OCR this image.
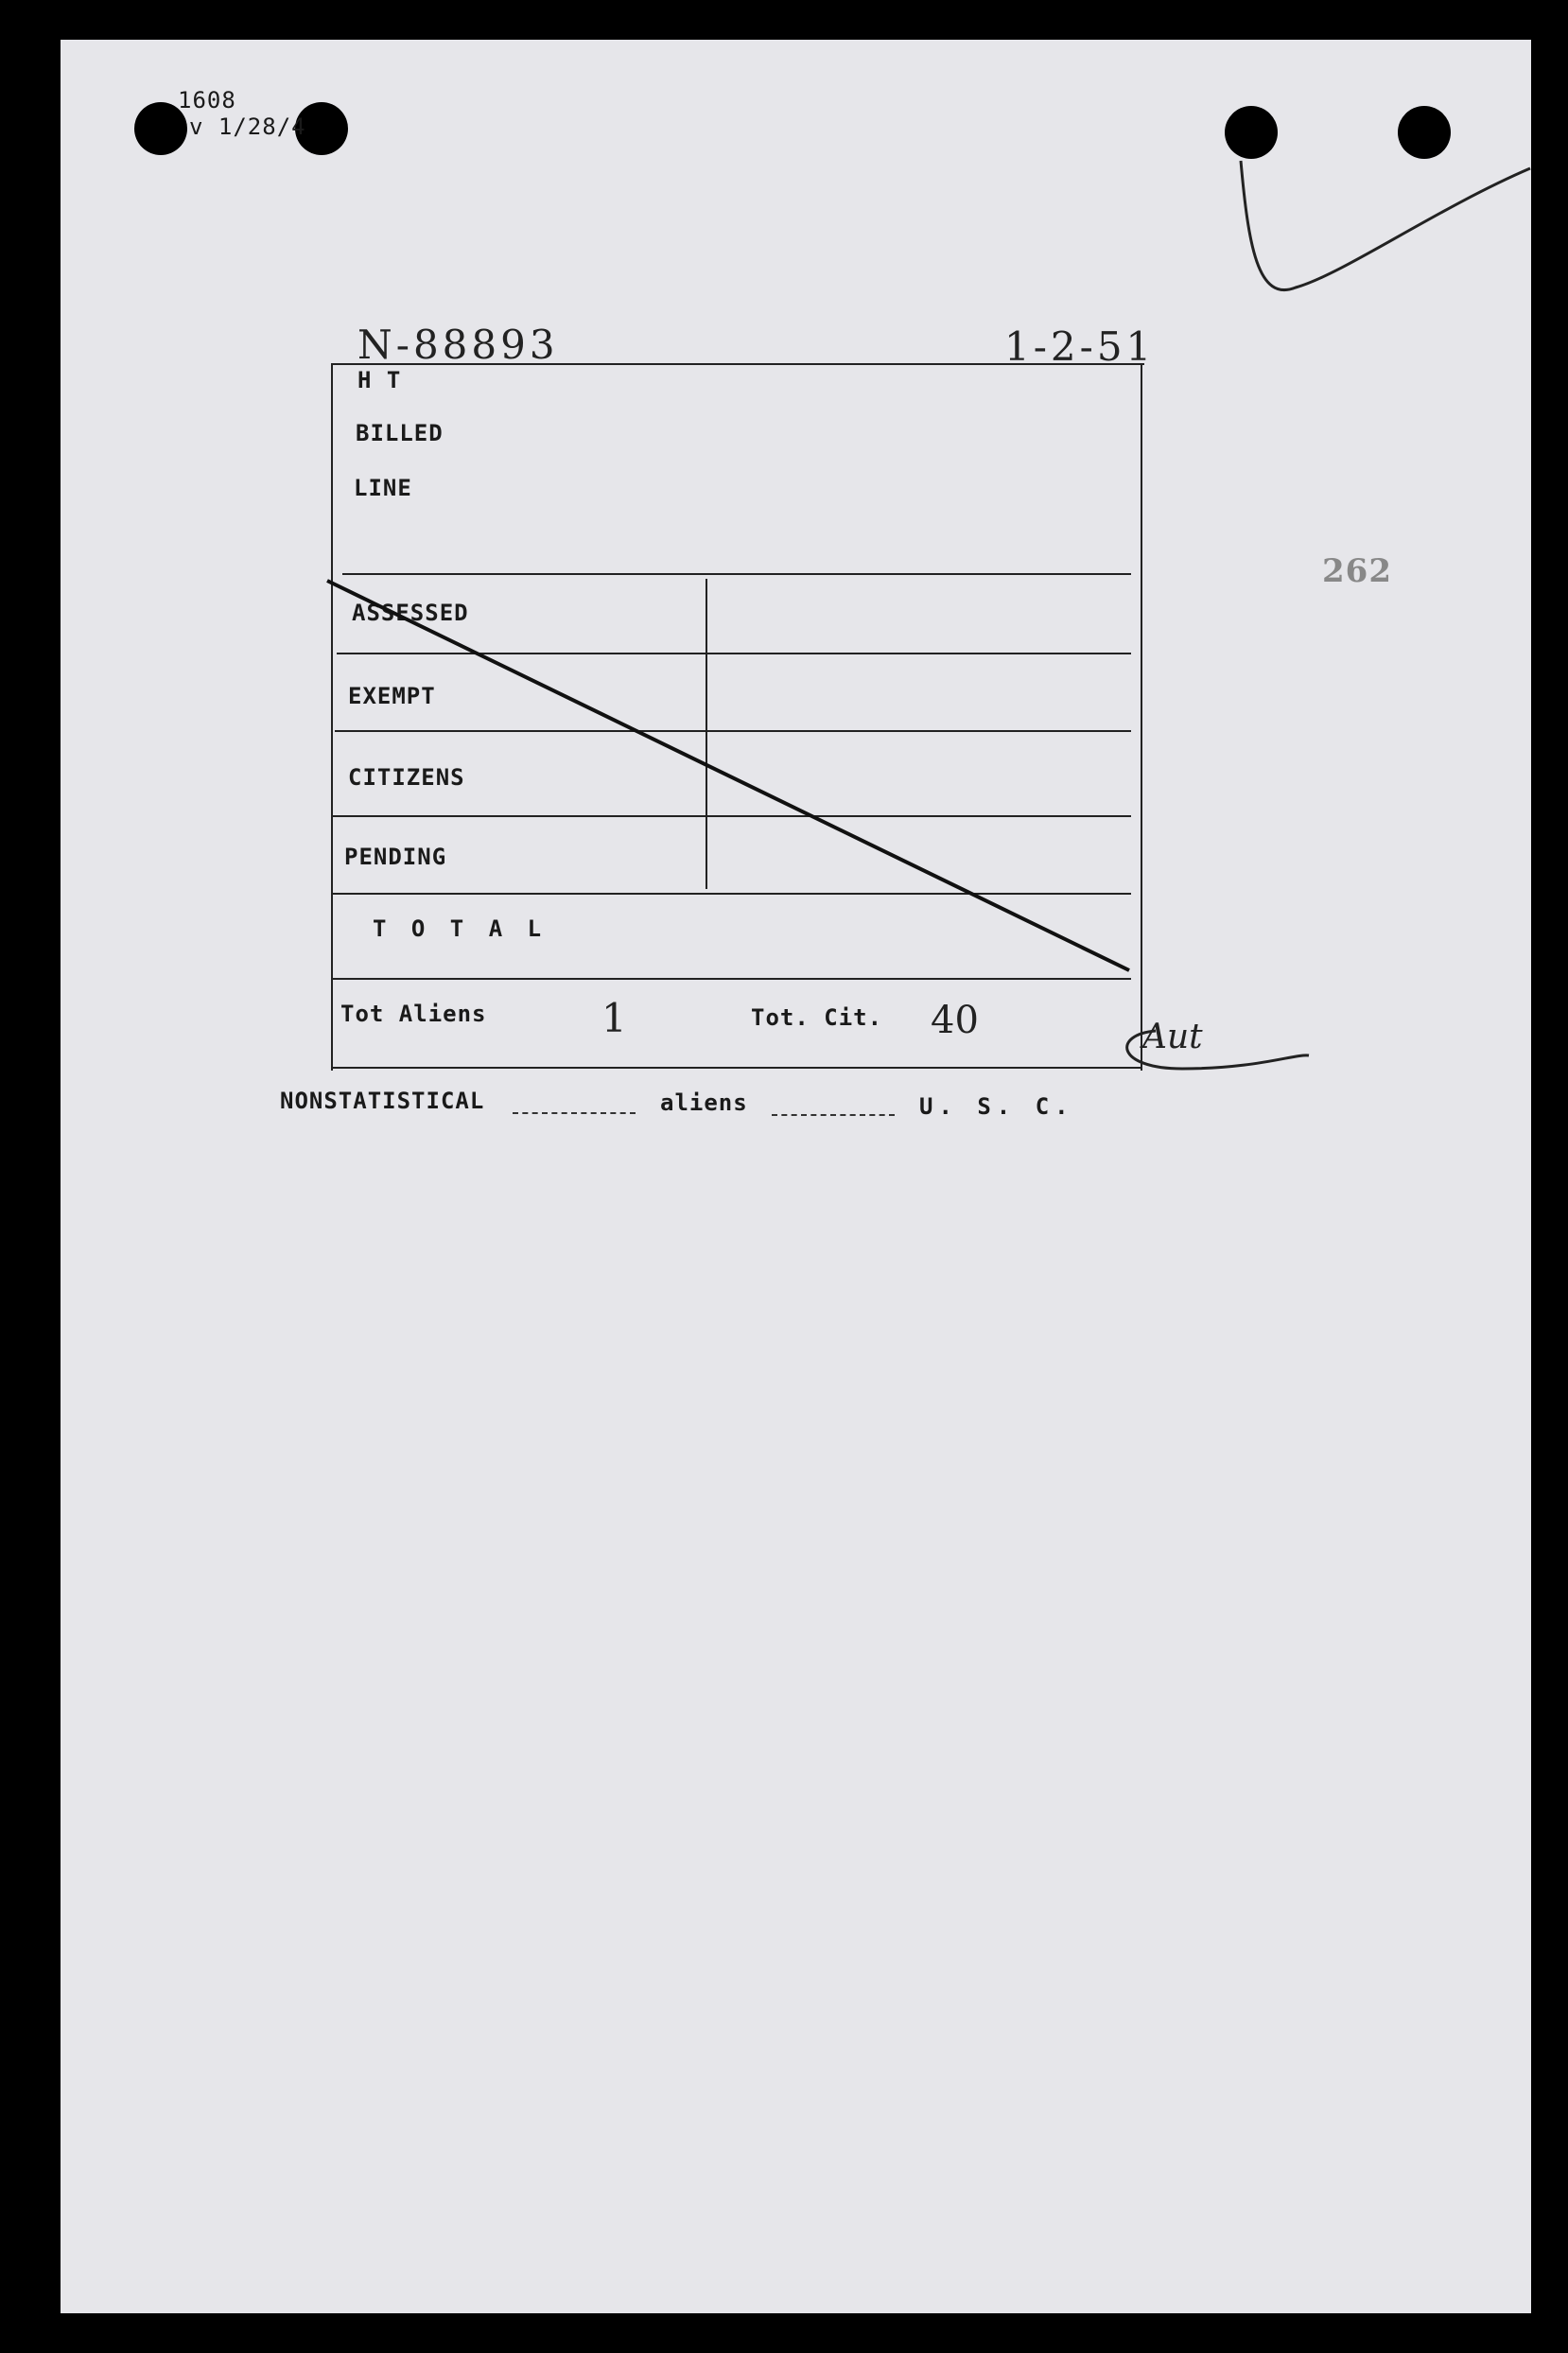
1608
v 1/28/4
N-88893	1-2-51
262
H T
BILLED
LINE
ASSESSED
EXEMPT
CITIZENS
PENDING
T O T A L
Tot Aliens	1	Tot. Cit. 40	Aut
NONSTATISTICAL	aliens	U. S. C.
